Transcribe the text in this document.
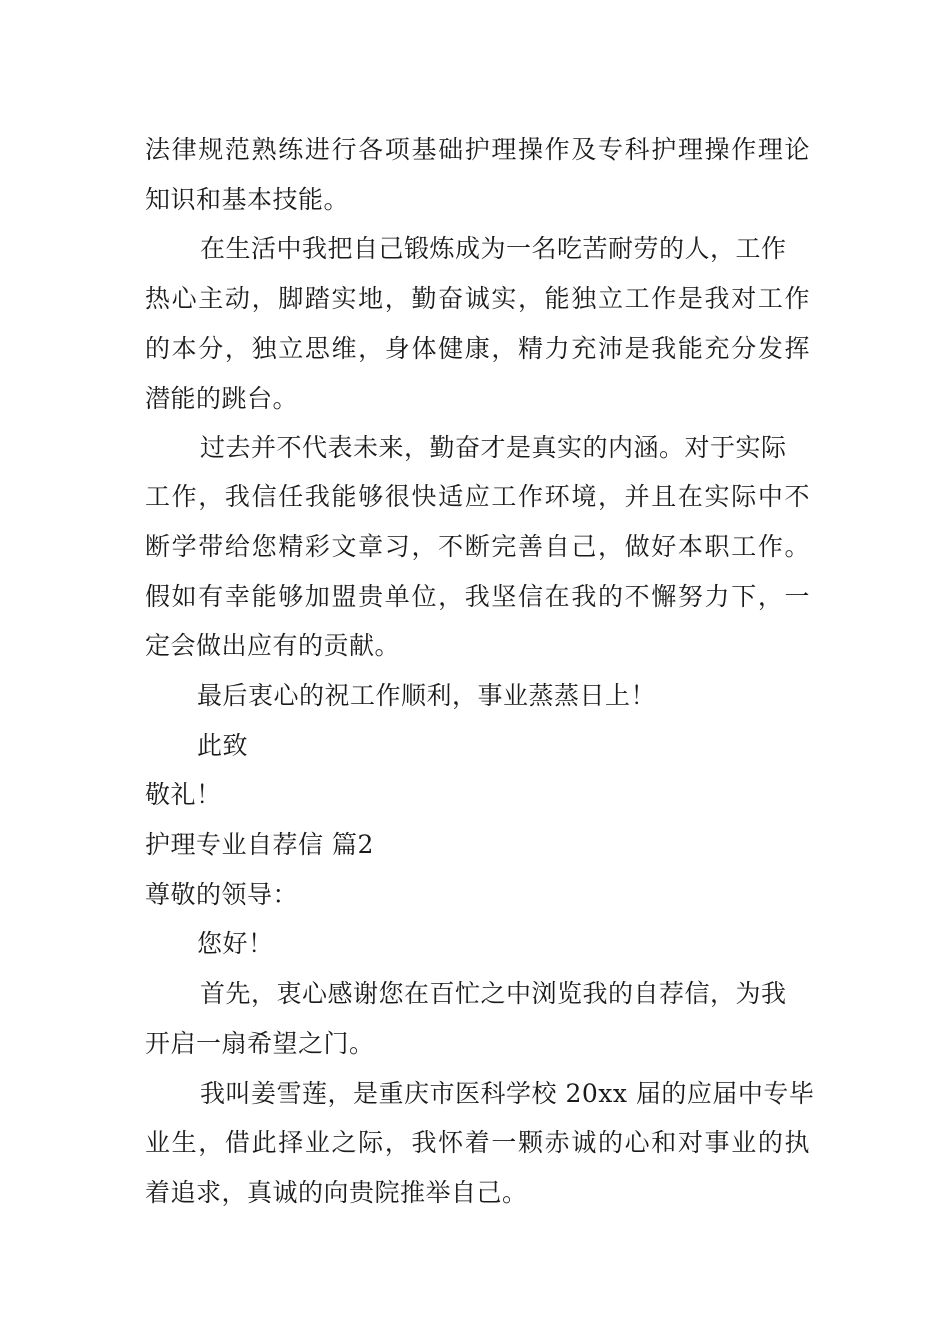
法律规范熟练进行各项基础护理操作及专科护理操作理论
知识和基本技能。
在生活中我把自己锻炼成为一名吃苦耐劳的人，工作
热心主动，脚踏实地，勤奋诚实，能独立工作是我对工作
的本分，独立思维，身体健康，精力充沛是我能充分发挥
潜能的跳台。
过去并不代表未来，勤奋才是真实的内涵。对于实际
工作，我信任我能够很快适应工作环境，并且在实际中不
断学带给您精彩文章习，不断完善自己，做好本职工作。
假如有幸能够加盟贵单位，我坚信在我的不懈努力下，一
定会做出应有的贡献。
最后衷心的祝工作顺利，事业蒸蒸日上！
此致
敬礼！
护理专业自荐信 篇2
尊敬的领导：
您好！
首先，衷心感谢您在百忙之中浏览我的自荐信，为我
开启一扇希望之门。
我叫姜雪莲，是重庆市医科学校 20xx 届的应届中专毕
业生，借此择业之际，我怀着一颗赤诚的心和对事业的执
着追求，真诚的向贵院推举自己。
